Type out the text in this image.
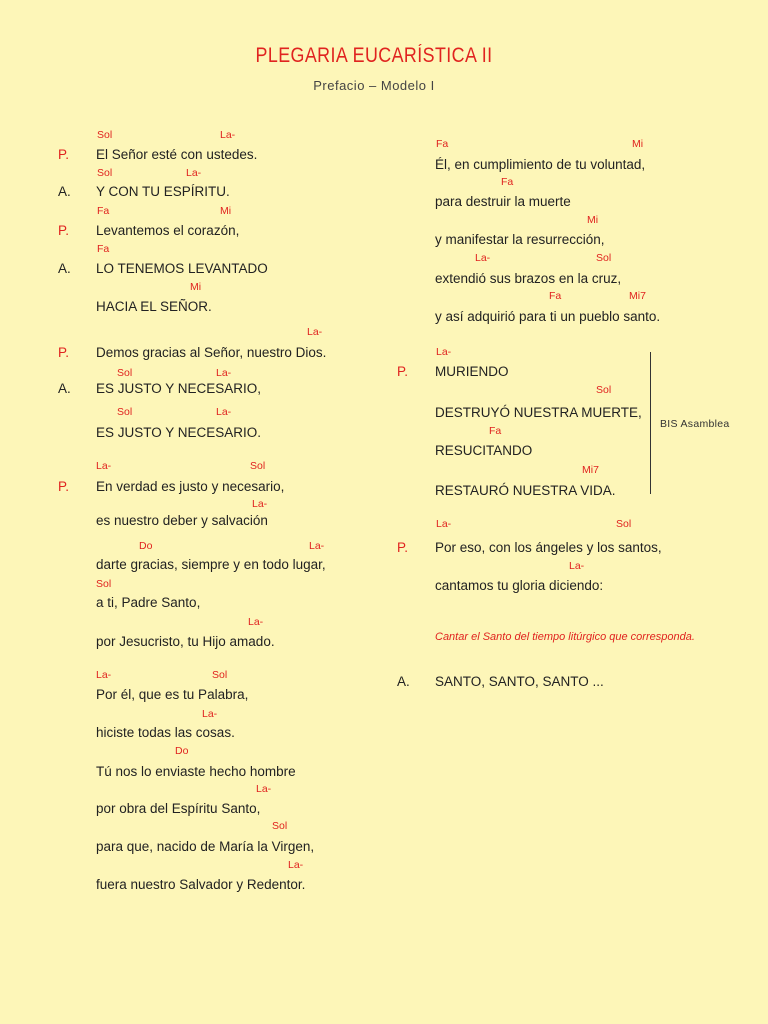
PLEGARIA EUCARÍSTICA II
Prefacio – Modelo I
Sol	La-
P. El Señor esté con ustedes.
Sol	La-
A. Y CON TU ESPÍRITU.
Fa	Mi
P. Levantemos el corazón,
Fa
A. LO TENEMOS LEVANTADO
Mi
HACIA EL SEÑOR.
La-
P. Demos gracias al Señor, nuestro Dios.
Sol	La-
A. ES JUSTO Y NECESARIO,
Sol	La-
ES JUSTO Y NECESARIO.
La-	Sol
P. En verdad es justo y necesario,
La-
es nuestro deber y salvación
Do	La-
darte gracias, siempre y en todo lugar,
Sol
a ti, Padre Santo,
La-
por Jesucristo, tu Hijo amado.
La-	Sol
Por él, que es tu Palabra,
La-
hiciste todas las cosas.
Do
Tú nos lo enviaste hecho hombre
La-
por obra del Espíritu Santo,
Sol
para que, nacido de María la Virgen,
La-
fuera nuestro Salvador y Redentor.
Fa	Mi
Él, en cumplimiento de tu voluntad,
Fa
para destruir la muerte
Mi
y manifestar la resurrección,
La-	Sol
extendió sus brazos en la cruz,
Fa	Mi7
y así adquirió para ti un pueblo santo.
La-
P. MURIENDO
Sol
DESTRUYÓ NUESTRA MUERTE,
Fa
RESUCITANDO
Mi7
RESTAURÓ NUESTRA VIDA.
BIS Asamblea
La-	Sol
P. Por eso, con los ángeles y los santos,
La-
cantamos tu gloria diciendo:
Cantar el Santo del tiempo litúrgico que corresponda.
A. SANTO, SANTO, SANTO ...
